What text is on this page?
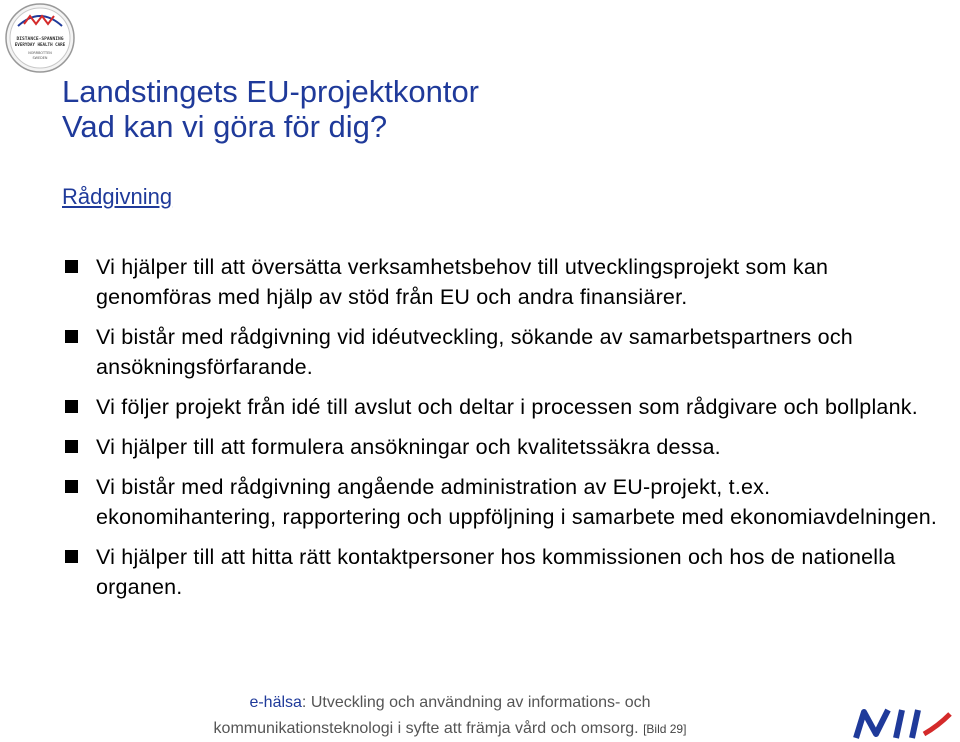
DISTANCE-SPANNING
EVERYDAY HEALTH CARE
NORRBOTTEN
SWEDEN
Landstingets EU-projektkontor
Vad kan vi göra för dig?
Rådgivning
Vi hjälper till att översätta verksamhetsbehov till utvecklingsprojekt som kan genomföras med hjälp av stöd från EU och andra finansiärer.
Vi bistår med rådgivning vid idéutveckling, sökande av samarbetspartners och ansökningsförfarande.
Vi följer projekt från idé till avslut och deltar i processen som rådgivare och bollplank.
Vi hjälper till att formulera ansökningar och kvalitetssäkra dessa.
Vi bistår med rådgivning angående administration av EU-projekt, t.ex. ekonomihantering, rapportering och uppföljning i samarbete med ekonomiavdelningen.
Vi hjälper till att hitta rätt kontaktpersoner hos kommissionen och hos de nationella organen.
e-hälsa: Utveckling och användning av informations- och
kommunikationsteknologi i syfte att främja vård och omsorg. [Bild 29]
